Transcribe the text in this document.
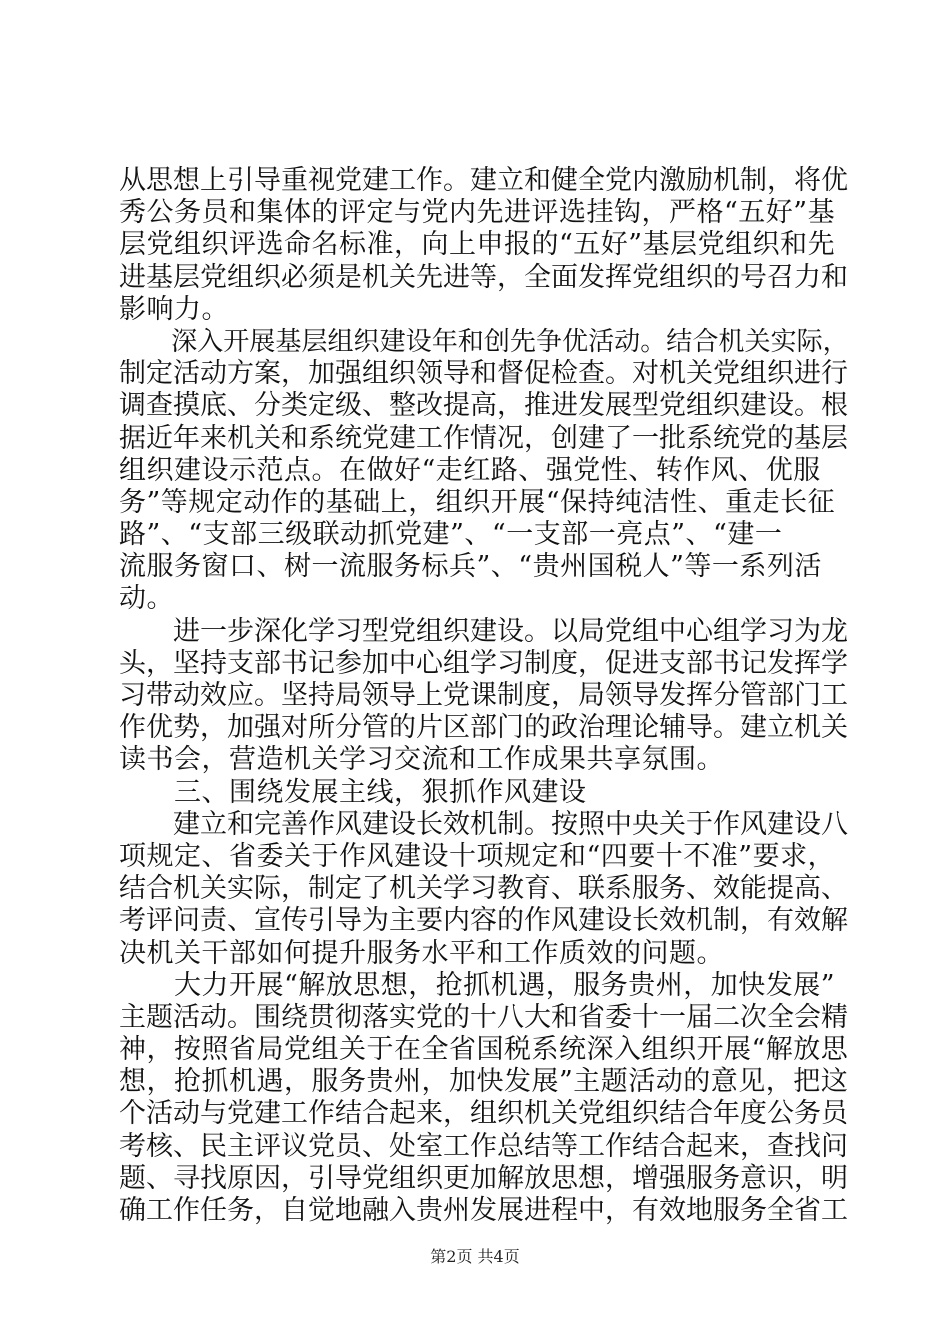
从思想上引导重视党建工作。建立和健全党内激励机制，将优
秀公务员和集体的评定与党内先进评选挂钩，严格“五好”基
层党组织评选命名标准，向上申报的“五好”基层党组织和先
进基层党组织必须是机关先进等，全面发挥党组织的号召力和
影响力。
　　深入开展基层组织建设年和创先争优活动。结合机关实际，
制定活动方案，加强组织领导和督促检查。对机关党组织进行
调查摸底、分类定级、整改提高，推进发展型党组织建设。根
据近年来机关和系统党建工作情况，创建了一批系统党的基层
组织建设示范点。在做好“走红路、强党性、转作风、优服
务”等规定动作的基础上，组织开展“保持纯洁性、重走长征
路”、“支部三级联动抓党建”、“一支部一亮点”、“建一
流服务窗口、树一流服务标兵”、“贵州国税人”等一系列活
动。
　　进一步深化学习型党组织建设。以局党组中心组学习为龙
头，坚持支部书记参加中心组学习制度，促进支部书记发挥学
习带动效应。坚持局领导上党课制度，局领导发挥分管部门工
作优势，加强对所分管的片区部门的政治理论辅导。建立机关
读书会，营造机关学习交流和工作成果共享氛围。
　　三、围绕发展主线，狠抓作风建设
　　建立和完善作风建设长效机制。按照中央关于作风建设八
项规定、省委关于作风建设十项规定和“四要十不准”要求，
结合机关实际，制定了机关学习教育、联系服务、效能提高、
考评问责、宣传引导为主要内容的作风建设长效机制，有效解
决机关干部如何提升服务水平和工作质效的问题。
　　大力开展“解放思想，抢抓机遇，服务贵州，加快发展”
主题活动。围绕贯彻落实党的十八大和省委十一届二次全会精
神，按照省局党组关于在全省国税系统深入组织开展“解放思
想，抢抓机遇，服务贵州，加快发展”主题活动的意见，把这
个活动与党建工作结合起来，组织机关党组织结合年度公务员
考核、民主评议党员、处室工作总结等工作结合起来，查找问
题、寻找原因，引导党组织更加解放思想，增强服务意识，明
确工作任务，自觉地融入贵州发展进程中，有效地服务全省工
第2页 共4页
